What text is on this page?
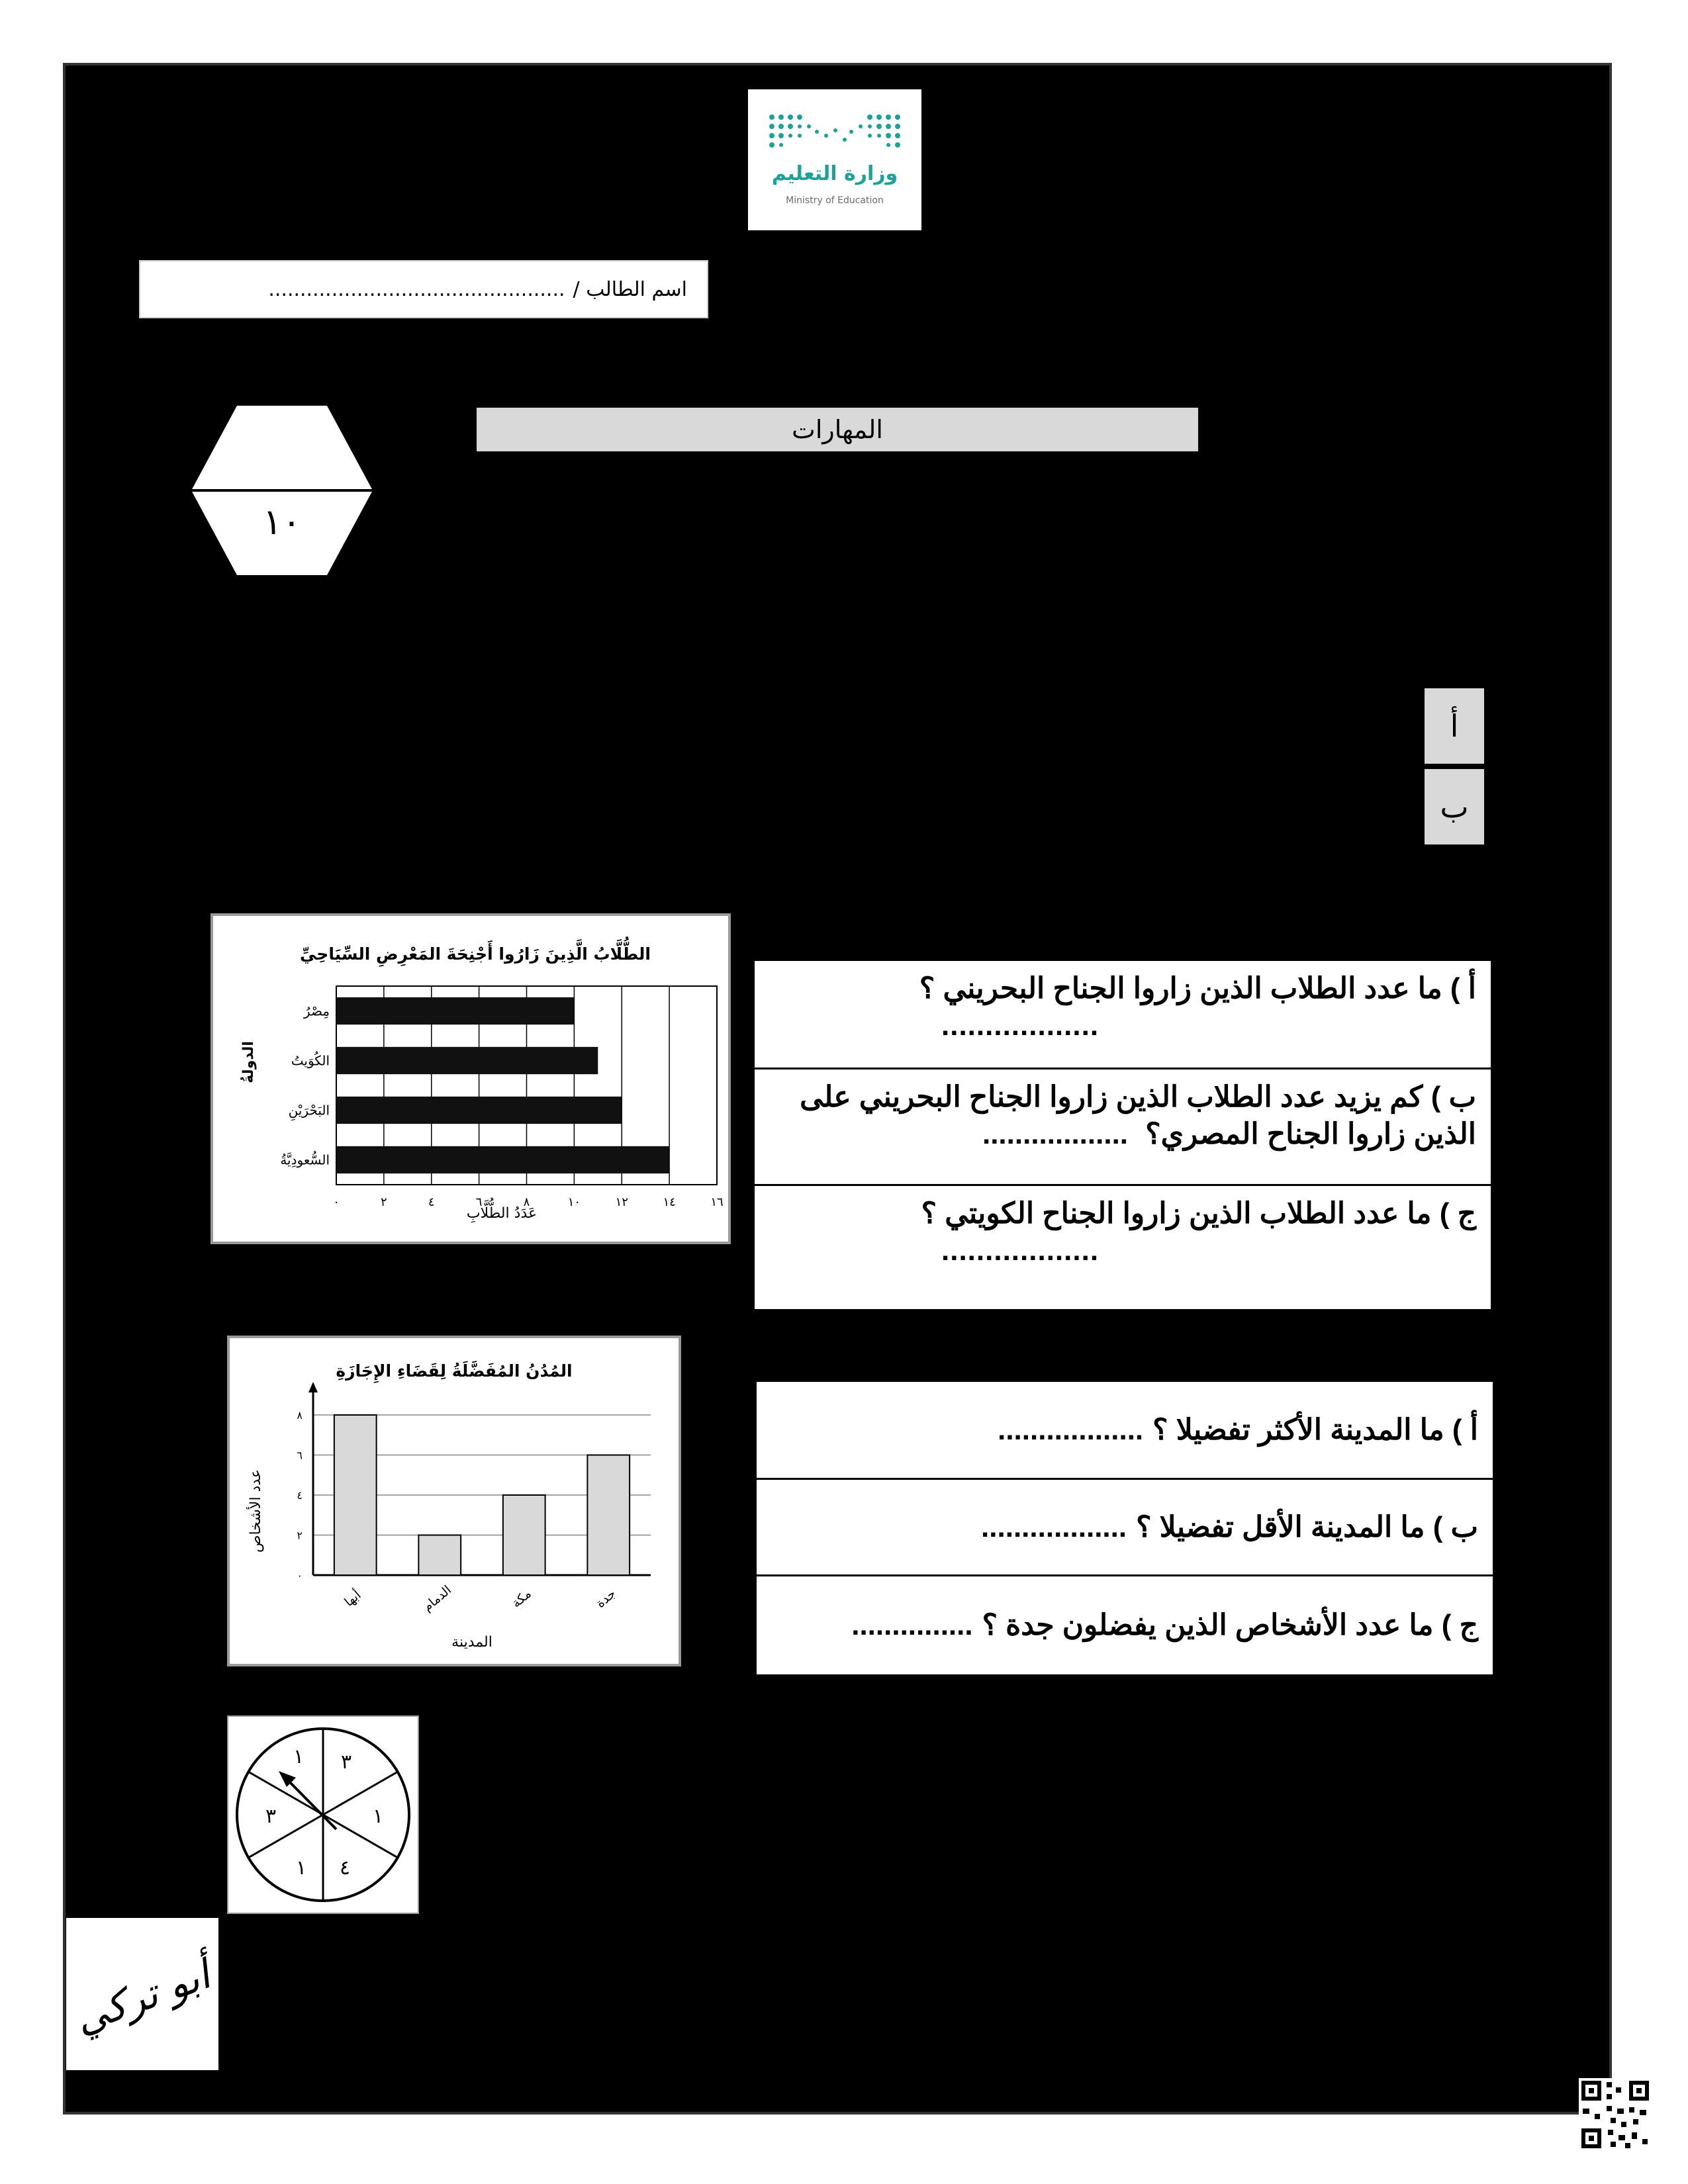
وزارة التعليم
Ministry of Education
اسم الطالب /
...............................................
المهارات
١٠
أ
ب
الطُّلَّابُ الَّذِينَ زَارُوا أَجْنِحَةَ المَعْرِضِ السِّيَاحِيِّ
الدولةُ
عَدَدُ الطُّلَّابِ
مِصْرُ
الكُوَيتُ
البَحْرَيْنِ
السُّعودِيَّةُ
٠	٢	٤	٦	٨	١٠	١٢	١٤	١٦
أ ) ما عدد الطلاب الذين زاروا الجناح البحريني ؟
..................
ب ) كم يزيد عدد الطلاب الذين زاروا الجناح البحريني على الذين زاروا الجناح المصري؟ ..................
ج ) ما عدد الطلاب الذين زاروا الجناح الكويتي ؟
..................
المُدُنُ المُفَضَّلَةُ لِقَضَاءِ الإِجَازَةِ
عدد الأشخاص
المدينة
أبها	الدمام	مكة	جدة
٠
٢
٤
٦
٨	أ ) ما المدينة الأكثر تفضيلا ؟
..................
ب ) ما المدينة الأقل تفضيلا ؟
..................
ج ) ما عدد الأشخاص الذين يفضلون جدة ؟
...............
٣
١
١
٤
١
٣
أبو تركي
